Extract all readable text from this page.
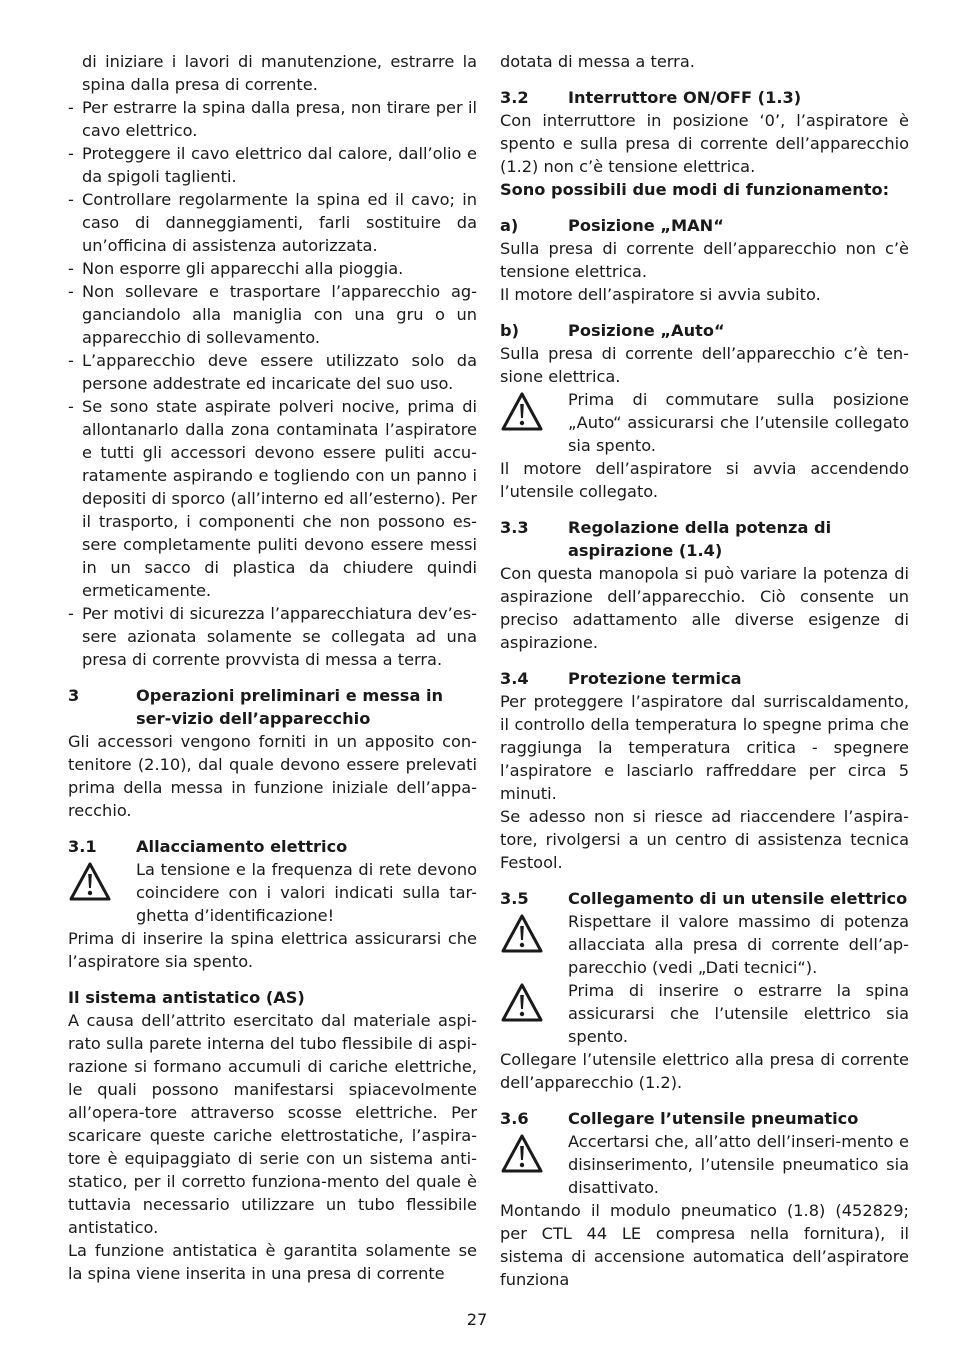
di iniziare i lavori di manutenzione, estrarre la spina dalla presa di corrente.

- Per estrarre la spina dalla presa, non tirare per il cavo elettrico.
- Proteggere il cavo elettrico dal calore, dall’olio e da spigoli taglienti.
- Controllare regolarmente la spina ed il cavo; in caso di danneggiamenti, farli sostituire da un’officina di assistenza autorizzata.
- Non esporre gli apparecchi alla pioggia.
- Non sollevare e trasportare l’apparecchio ag-ganciandolo alla maniglia con una gru o un apparecchio di sollevamento.
- L’apparecchio deve essere utilizzato solo da persone addestrate ed incaricate del suo uso.
- Se sono state aspirate polveri nocive, prima di allontanarlo dalla zona contaminata l’aspiratore e tutti gli accessori devono essere puliti accu-ratamente aspirando e togliendo con un panno i depositi di sporco (all’interno ed all’esterno). Per il trasporto, i componenti che non possono es-sere completamente puliti devono essere messi in un sacco di plastica da chiudere quindi ermeticamente.
- Per motivi di sicurezza l’apparecchiatura dev’es-sere azionata solamente se collegata ad una presa di corrente provvista di messa a terra.
3	Operazioni preliminari e messa in ser-vizio dell’apparecchio

Gli accessori vengono forniti in un apposito con-tenitore (2.10), dal quale devono essere prelevati prima della messa in funzione iniziale dell’appa-recchio.

3.1	Allacciamento elettrico
La tensione e la frequenza di rete devono coincidere con i valori indicati sulla tar-ghetta d’identificazione!

Prima di inserire la spina elettrica assicurarsi che l’aspiratore sia spento.

Il sistema antistatico (AS)

A causa dell’attrito esercitato dal materiale aspi-rato sulla parete interna del tubo flessibile di aspi-razione si formano accumuli di cariche elettriche, le quali possono manifestarsi spiacevolmente all’opera-tore attraverso scosse elettriche. Per scaricare queste cariche elettrostatiche, l’aspira-tore è equipaggiato di serie con un sistema anti-statico, per il corretto funziona-mento del quale è tuttavia necessario utilizzare un tubo flessibile antistatico.

La funzione antistatica è garantita solamente se la spina viene inserita in una presa di corrente

dotata di messa a terra.

3.2	Interruttore ON/OFF (1.3)

Con interruttore in posizione ‘0’, l’aspiratore è spento e sulla presa di corrente dell’apparecchio (1.2) non c’è tensione elettrica.

Sono possibili due modi di funzionamento:

a)	Posizione „MAN“

Sulla presa di corrente dell’apparecchio non c’è tensione elettrica.

Il motore dell’aspiratore si avvia subito.

b)	Posizione „Auto“

Sulla presa di corrente dell’apparecchio c’è ten-sione elettrica.

Prima di commutare sulla posizione „Auto“ assicurarsi che l’utensile collegato sia spento.

Il motore dell’aspiratore si avvia accendendo l’utensile collegato.

3.3	Regolazione della potenza di aspirazione (1.4)

Con questa manopola si può variare la potenza di aspirazione dell’apparecchio. Ciò consente un preciso adattamento alle diverse esigenze di aspirazione.

3.4	Protezione termica

Per proteggere l’aspiratore dal surriscaldamento, il controllo della temperatura lo spegne prima che raggiunga la temperatura critica - spegnere l’aspiratore e lasciarlo raffreddare per circa 5 minuti.

Se adesso non si riesce ad riaccendere l’aspira-tore, rivolgersi a un centro di assistenza tecnica Festool.

3.5	Collegamento di un utensile elettrico
Rispettare il valore massimo di potenza allacciata alla presa di corrente dell’ap-parecchio (vedi „Dati tecnici“).
Prima di inserire o estrarre la spina assicurarsi che l’utensile elettrico sia spento.

Collegare l’utensile elettrico alla presa di corrente dell’apparecchio (1.2).

3.6	Collegare l’utensile pneumatico
Accertarsi che, all’atto dell’inseri-mento e disinserimento, l’utensile pneumatico sia disattivato.

Montando il modulo pneumatico (1.8) (452829; per CTL 44 LE compresa nella fornitura), il sistema di accensione automatica dell’aspiratore funziona

27
